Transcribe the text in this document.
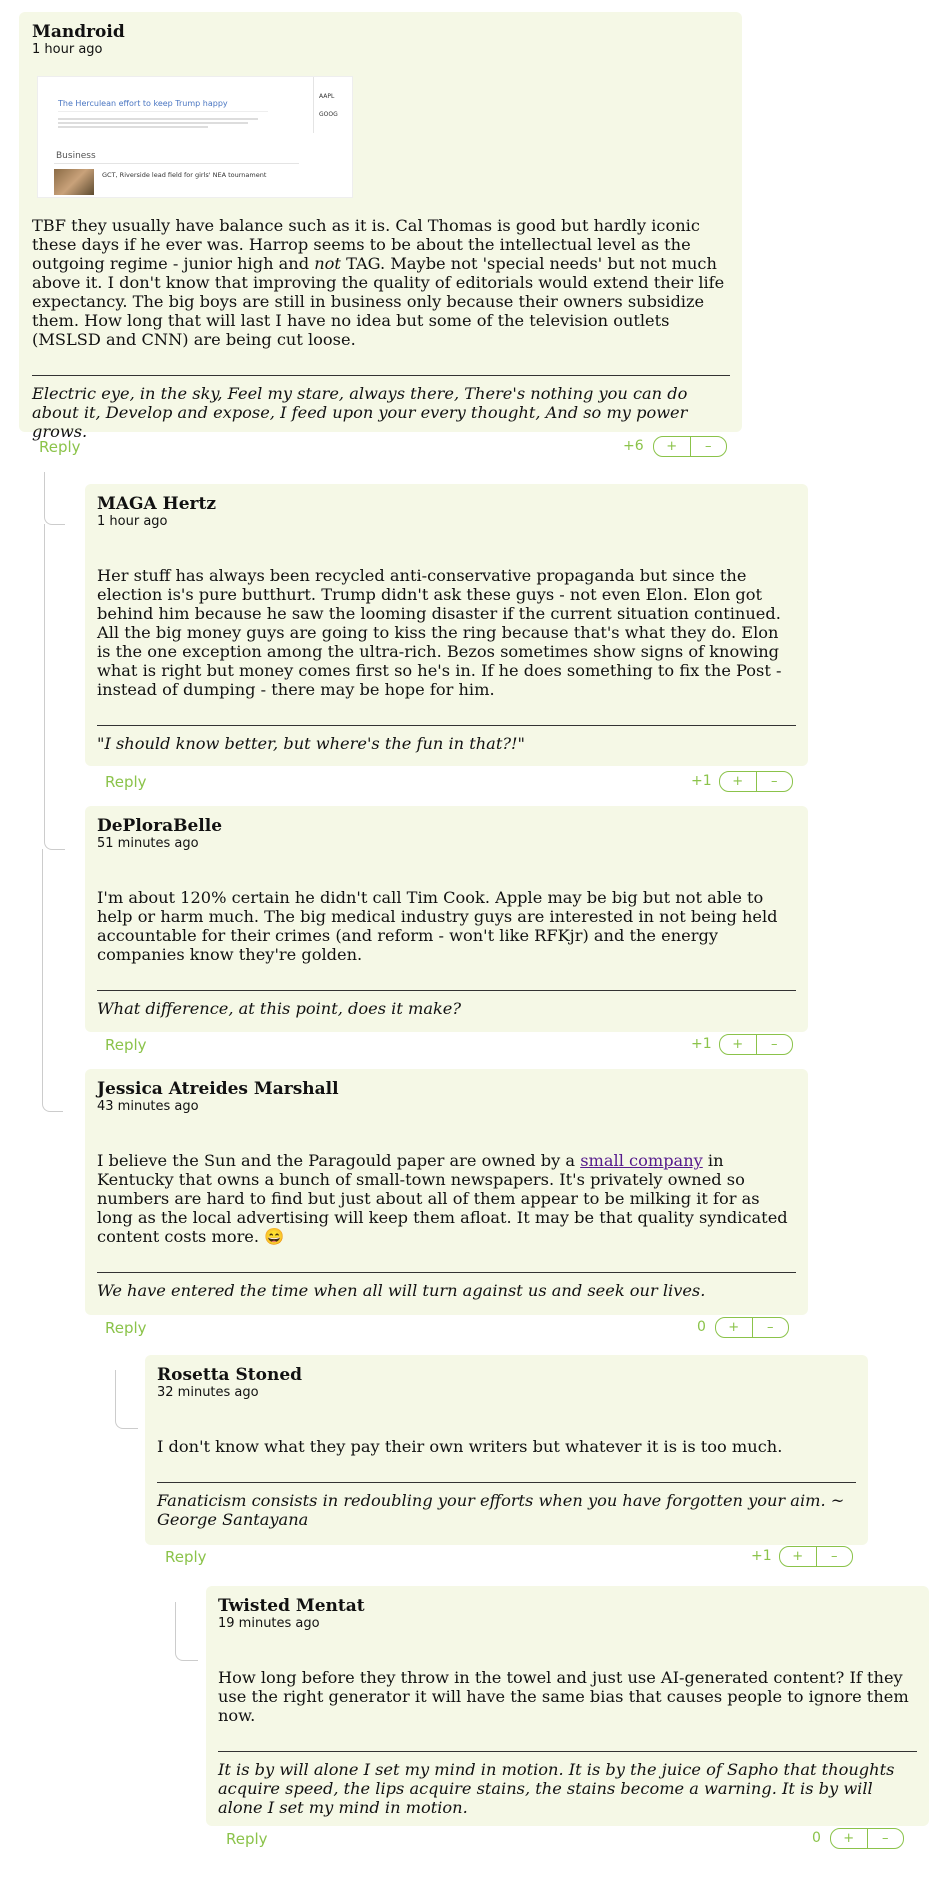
Mandroid
1 hour ago
The Herculean effort to keep Trump happy
Business
GCT, Riverside lead field for girls' NEA tournament
AAPL
GOOG
TBF they usually have balance such as it is. Cal Thomas is good but hardly iconic these days if he ever was. Harrop seems to be about the intellectual level as the outgoing regime - junior high and not TAG. Maybe not 'special needs' but not much above it. I don't know that improving the quality of editorials would extend their life expectancy. The big boys are still in business only because their owners subsidize them. How long that will last I have no idea but some of the television outlets (MSLSD and CNN) are being cut loose.
Electric eye, in the sky, Feel my stare, always there, There's nothing you can do about it, Develop and expose, I feed upon your every thought, And so my power grows.
Reply	+6	+	–
MAGA Hertz
1 hour ago
Her stuff has always been recycled anti-conservative propaganda but since the election is's pure butthurt. Trump didn't ask these guys - not even Elon. Elon got behind him because he saw the looming disaster if the current situation continued. All the big money guys are going to kiss the ring because that's what they do. Elon is the one exception among the ultra-rich. Bezos sometimes show signs of knowing what is right but money comes first so he's in. If he does something to fix the Post - instead of dumping - there may be hope for him.
"I should know better, but where's the fun in that?!"
Reply	+1	+	–
DePloraBelle
51 minutes ago
I'm about 120% certain he didn't call Tim Cook. Apple may be big but not able to help or harm much. The big medical industry guys are interested in not being held accountable for their crimes (and reform - won't like RFKjr) and the energy companies know they're golden.
What difference, at this point, does it make?
Reply	+1	+	–
Jessica Atreides Marshall
43 minutes ago
I believe the Sun and the Paragould paper are owned by a small company in Kentucky that owns a bunch of small-town newspapers. It's privately owned so numbers are hard to find but just about all of them appear to be milking it for as long as the local advertising will keep them afloat. It may be that quality syndicated content costs more. 😄
We have entered the time when all will turn against us and seek our lives.
Reply	0	+	–
Rosetta Stoned
32 minutes ago
I don't know what they pay their own writers but whatever it is is too much.
Fanaticism consists in redoubling your efforts when you have forgotten your aim. ~ George Santayana
Reply	+1	+	–
Twisted Mentat
19 minutes ago
How long before they throw in the towel and just use AI-generated content? If they use the right generator it will have the same bias that causes people to ignore them now.
It is by will alone I set my mind in motion. It is by the juice of Sapho that thoughts acquire speed, the lips acquire stains, the stains become a warning. It is by will alone I set my mind in motion.
Reply	0	+	–
